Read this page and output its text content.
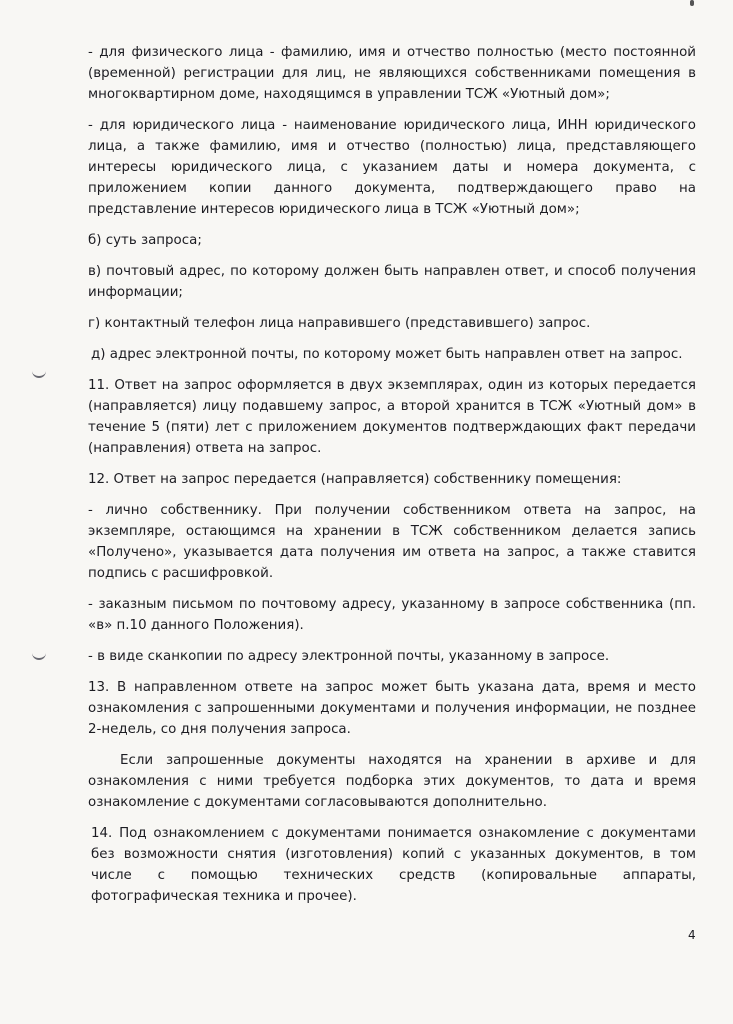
- для физического лица - фамилию, имя и отчество полностью (место постоянной (временной) регистрации для лиц, не являющихся собственниками помещения в многоквартирном доме, находящимся в управлении ТСЖ «Уютный дом»;

- для юридического лица - наименование юридического лица, ИНН юридического лица, а также фамилию, имя и отчество (полностью) лица, представляющего интересы юридического лица, с указанием даты и номера документа, с приложением копии данного документа, подтверждающего право на представление интересов юридического лица в ТСЖ «Уютный дом»;

б) суть запроса;

в) почтовый адрес, по которому должен быть направлен ответ, и способ получения информации;

г) контактный телефон лица направившего (представившего) запрос.

д) адрес электронной почты, по которому может быть направлен ответ на запрос.

11. Ответ на запрос оформляется в двух экземплярах, один из которых передается (направляется) лицу подавшему запрос, а второй хранится в ТСЖ «Уютный дом» в течение 5 (пяти) лет с приложением документов подтверждающих факт передачи (направления) ответа на запрос.

12. Ответ на запрос передается (направляется) собственнику помещения:

- лично собственнику. При получении собственником ответа на запрос, на экземпляре, остающимся на хранении в ТСЖ собственником делается запись «Получено», указывается дата получения им ответа на запрос, а также ставится подпись с расшифровкой.

- заказным письмом по почтовому адресу, указанному в запросе собственника (пп. «в» п.10 данного Положения).

- в виде сканкопии по адресу электронной почты, указанному в запросе.

13. В направленном ответе на запрос может быть указана дата, время и место ознакомления с запрошенными документами и получения информации, не позднее 2-недель, со дня получения запроса.

Если запрошенные документы находятся на хранении в архиве и для ознакомления с ними требуется подборка этих документов, то дата и время ознакомление с документами согласовываются дополнительно.

14. Под ознакомлением с документами понимается ознакомление с документами без возможности снятия (изготовления) копий с указанных документов, в том числе с помощью технических средств (копировальные аппараты, фотографическая техника и прочее).

4
